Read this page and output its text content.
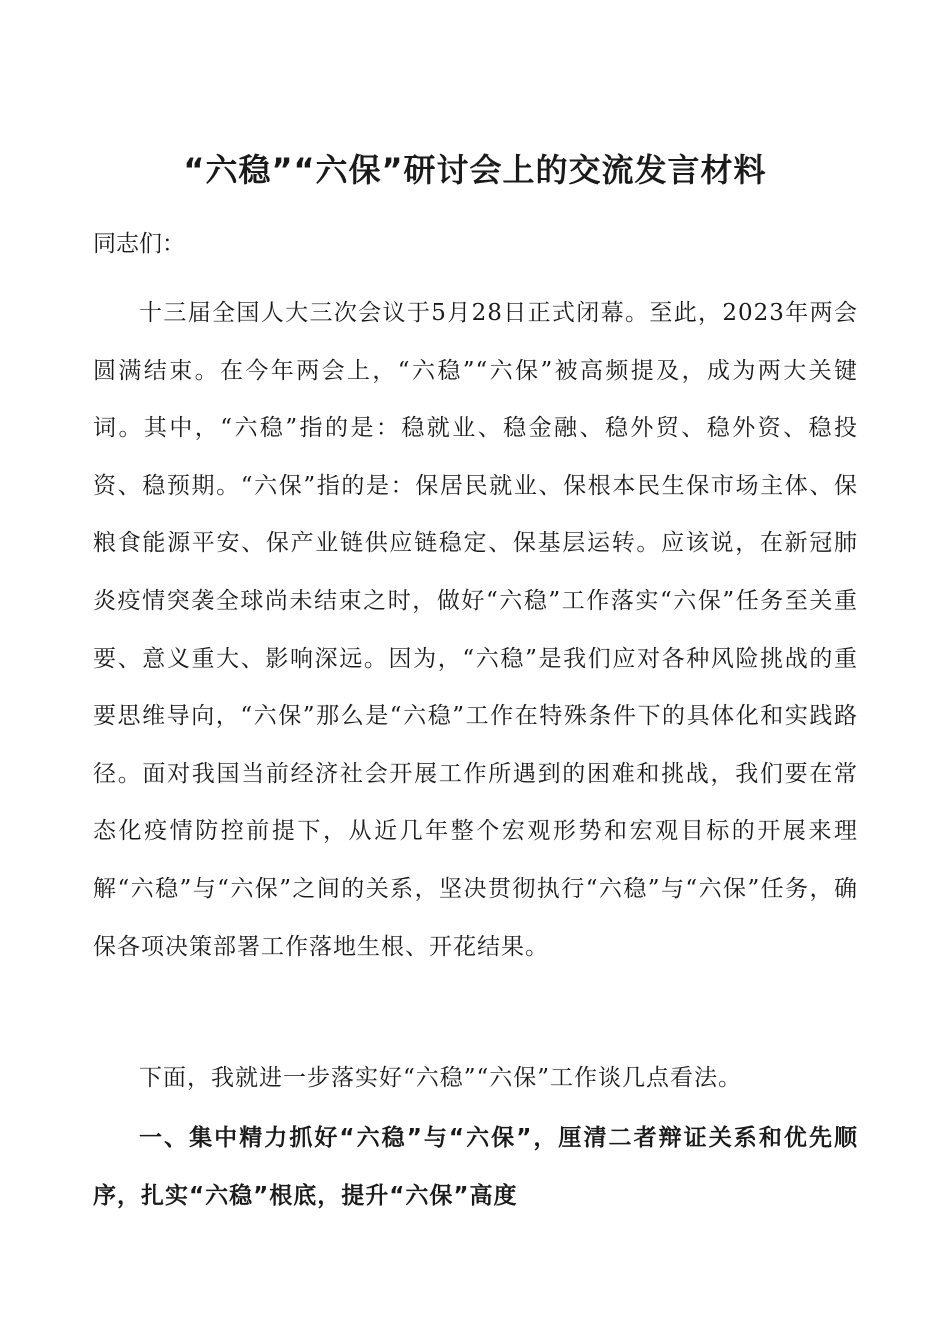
“六稳”“六保”研讨会上的交流发言材料

同志们：

十三届全国人大三次会议于5月28日正式闭幕。至此，2023年两会圆满结束。在今年两会上，“六稳”“六保”被高频提及，成为两大关键词。其中，“六稳”指的是：稳就业、稳金融、稳外贸、稳外资、稳投资、稳预期。“六保”指的是：保居民就业、保根本民生保市场主体、保粮食能源平安、保产业链供应链稳定、保基层运转。应该说，在新冠肺炎疫情突袭全球尚未结束之时，做好“六稳”工作落实“六保”任务至关重要、意义重大、影响深远。因为，“六稳”是我们应对各种风险挑战的重要思维导向，“六保”那么是“六稳”工作在特殊条件下的具体化和实践路径。面对我国当前经济社会开展工作所遇到的困难和挑战，我们要在常态化疫情防控前提下，从近几年整个宏观形势和宏观目标的开展来理解“六稳”与“六保”之间的关系，坚决贯彻执行“六稳”与“六保”任务，确保各项决策部署工作落地生根、开花结果。

下面，我就进一步落实好“六稳”“六保”工作谈几点看法。

一、集中精力抓好“六稳”与“六保”，厘清二者辩证关系和优先顺序，扎实“六稳”根底，提升“六保”高度
